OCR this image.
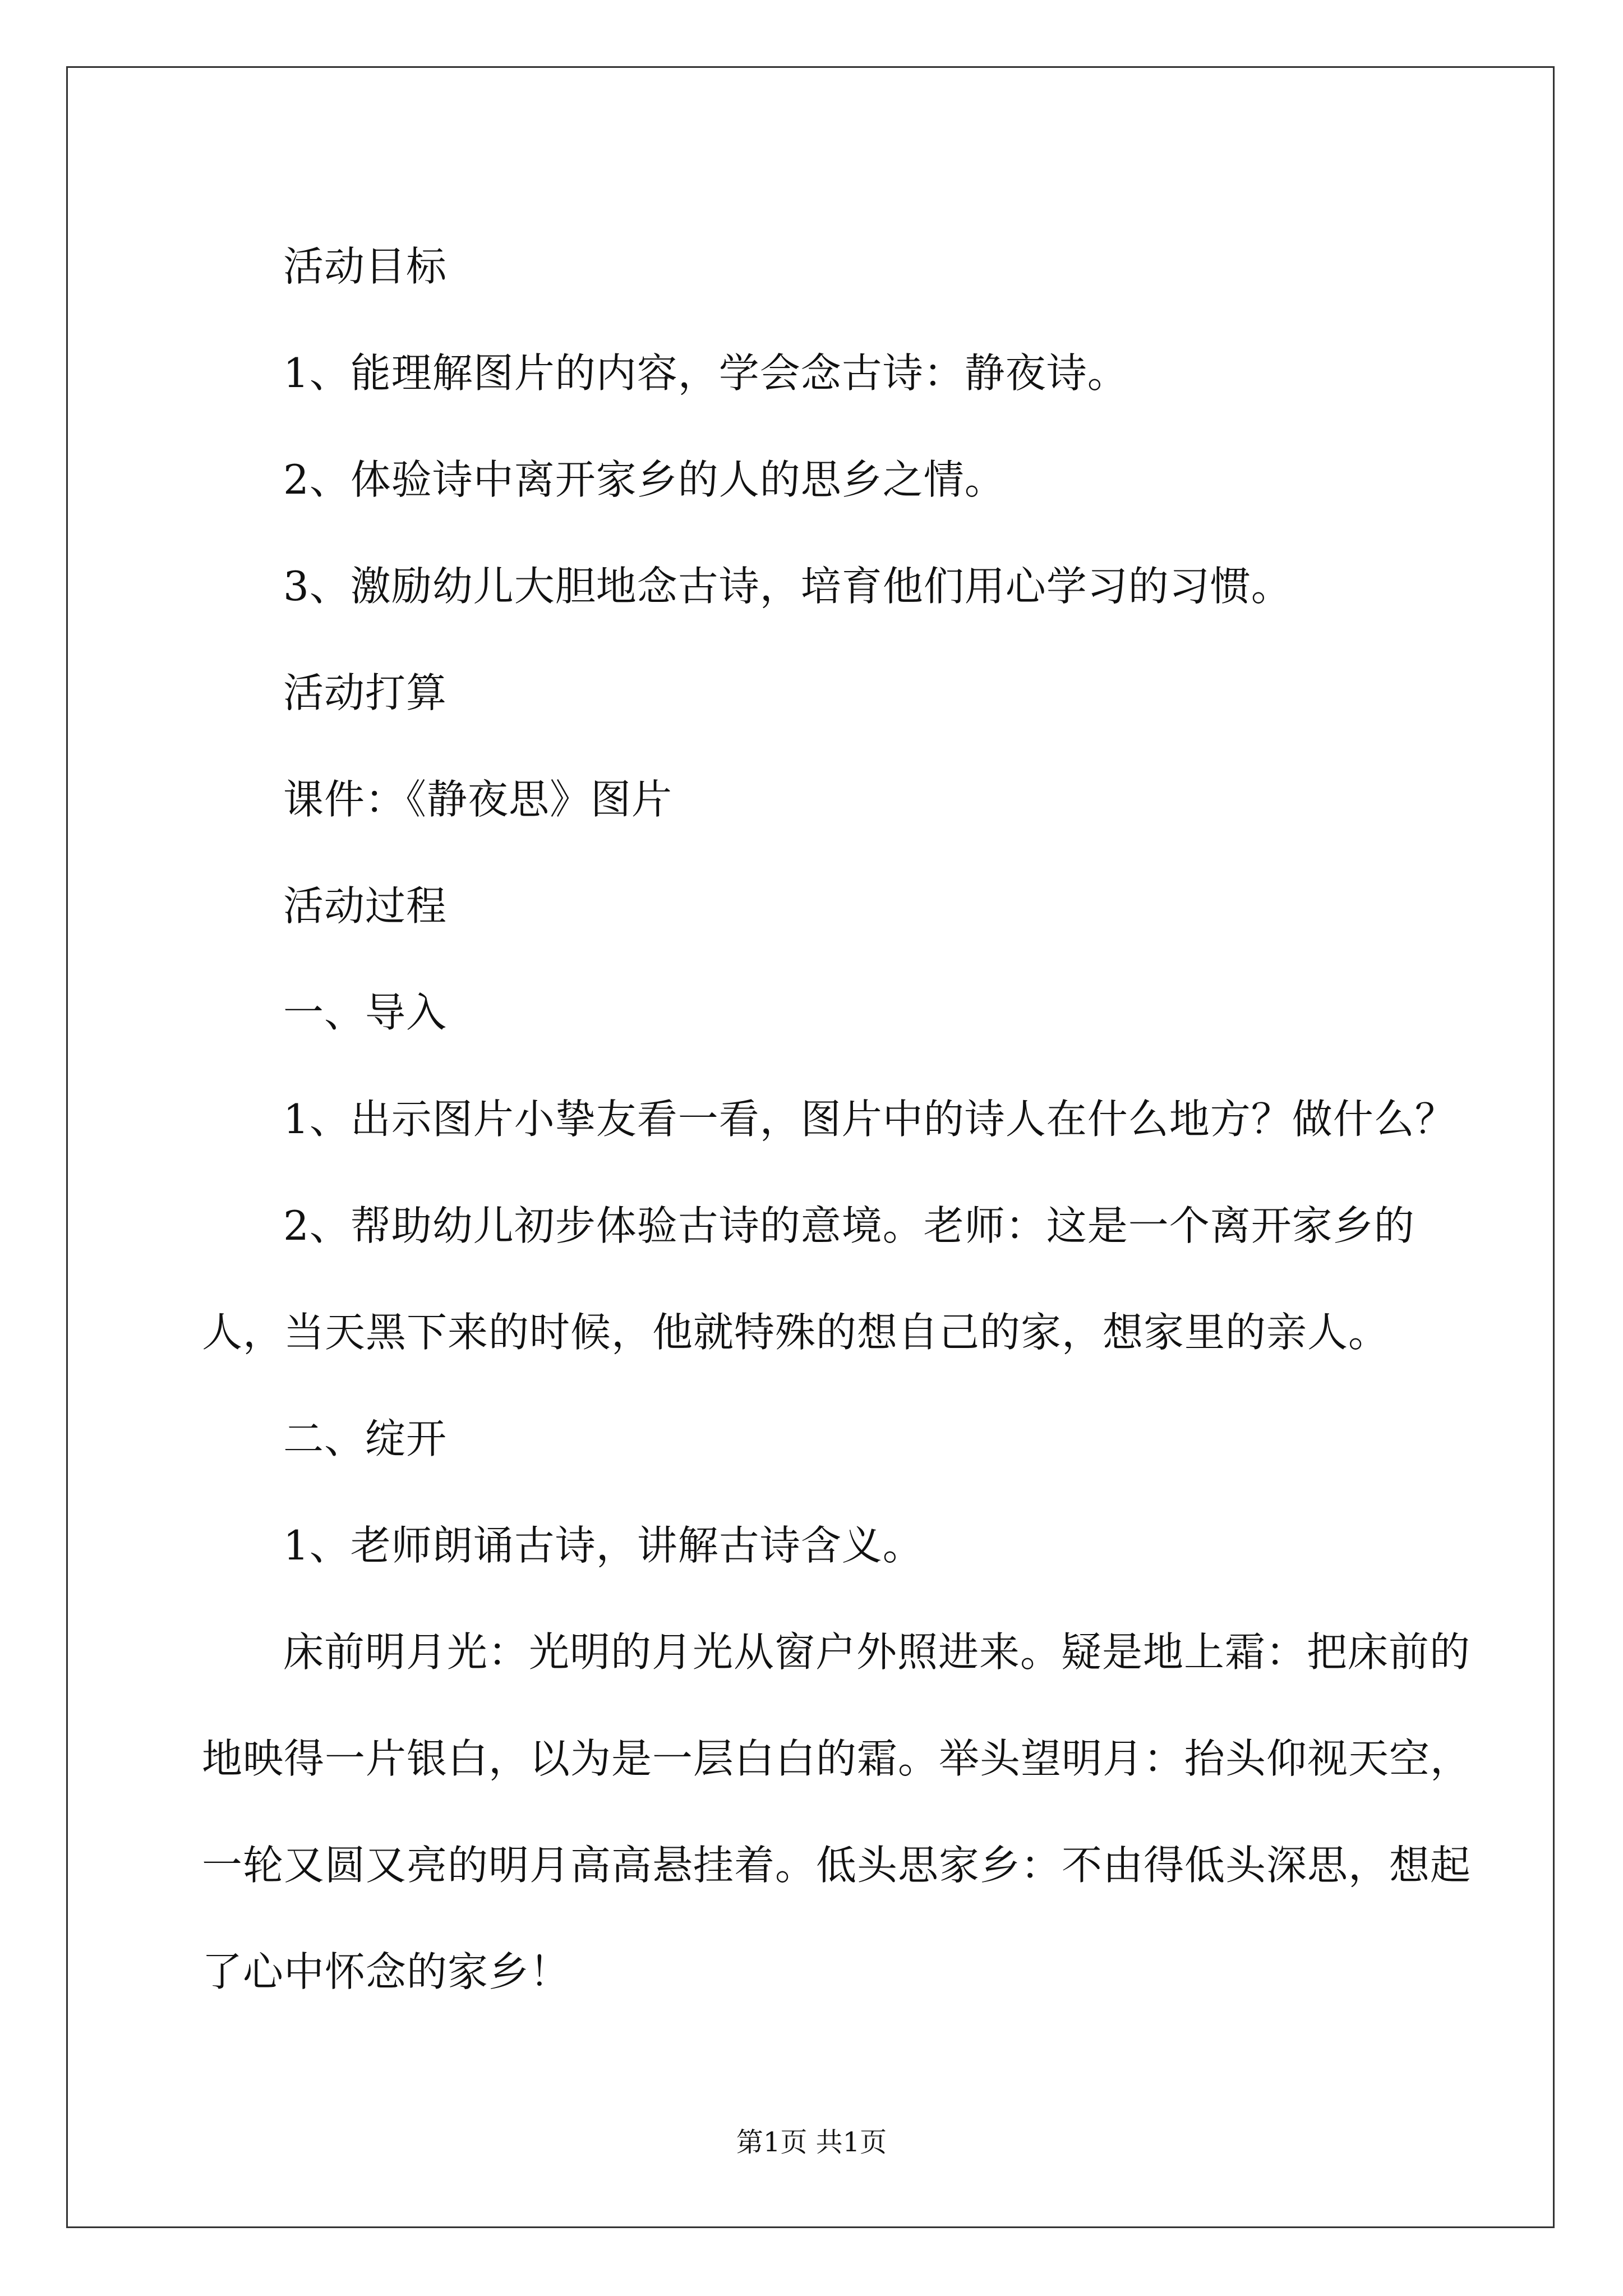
活动目标

1、能理解图片的内容，学会念古诗：静夜诗。

2、体验诗中离开家乡的人的思乡之情。

3、激励幼儿大胆地念古诗，培育他们用心学习的习惯。

活动打算

课件：《静夜思》图片

活动过程

一、导入

1、出示图片小挚友看一看，图片中的诗人在什么地方？做什么？

2、帮助幼儿初步体验古诗的意境。老师：这是一个离开家乡的人，当天黑下来的时候，他就特殊的想自己的家，想家里的亲人。

二、绽开

1、老师朗诵古诗，讲解古诗含义。

床前明月光：光明的月光从窗户外照进来。疑是地上霜：把床前的地映得一片银白，以为是一层白白的霜。举头望明月：抬头仰视天空，一轮又圆又亮的明月高高悬挂着。低头思家乡：不由得低头深思，想起了心中怀念的家乡！

第1页 共1页
